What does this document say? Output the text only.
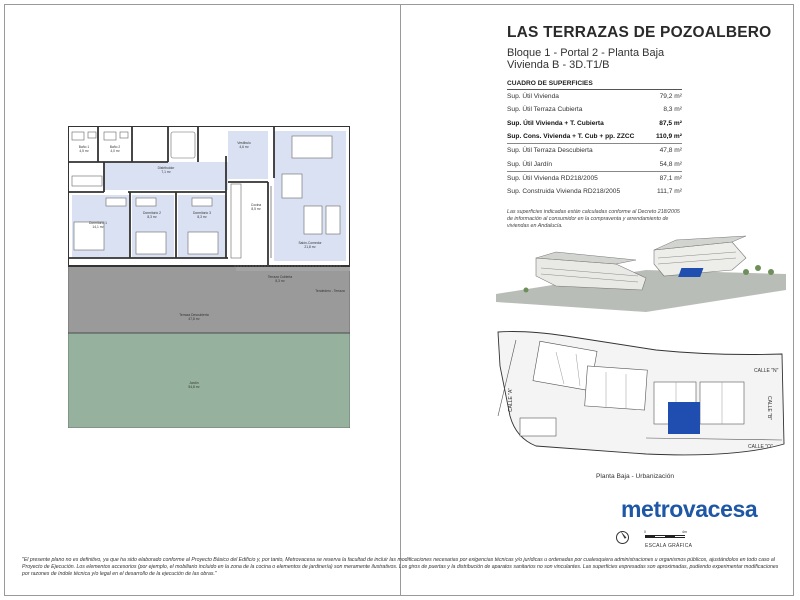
Baño 1
4,5 m²
Baño 2
4,0 m²
Distribuidor
7,1 m²
Vestíbulo
4,6 m²
Cocina
8,5 m²
Dormitorio 1
14,1 m²
Dormitorio 2
8,3 m²
Dormitorio 3
8,3 m²
Salón-Comedor
21,8 m²
Terraza Cubierta
8,3 m²
Tendedero - Terraza
Terraza Descubierta
47,8 m²
Jardín
54,8 m²
LAS TERRAZAS DE POZOALBERO
Bloque 1 - Portal 2 - Planta Baja
Vivienda B - 3D.T1/B
CUADRO DE SUPERFICIES
Sup. Útil Vivienda	79,2 m²
Sup. Útil Terraza Cubierta	8,3 m²
Sup. Útil Vivienda + T. Cubierta	87,5 m²
Sup. Cons. Vivienda + T. Cub + pp. ZZCC	110,9 m²
Sup. Útil Terraza Descubierta	47,8 m²
Sup. Útil Jardín	54,8 m²
Sup. Útil Vivienda RD218/2005	87,1 m²
Sup. Construida Vivienda RD218/2005	111,7 m²
Las superficies indicadas están calculadas conforme al Decreto 218/2005 de información al consumidor en la compraventa y arrendamiento de viviendas en Andalucía.
CALLE "N"
CALLE "A"
CALLE "O"
CALLE "B"
Planta Baja - Urbanización
metrovacesa
0	4m
ESCALA GRÁFICA
"El presente plano no es definitivo, ya que ha sido elaborado conforme al Proyecto Básico del Edificio y, por tanto, Metrovacesa se reserva la facultad de incluir las modificaciones necesarias por exigencias técnicas y/o jurídicas u ordenadas por cualesquiera administraciones u organismos públicos, ajustándolos en todo caso al Proyecto de Ejecución. Los elementos accesorios (por ejemplo, el mobiliario incluido en la zona de la cocina o elementos de jardinería) son meramente ilustrativos. Los giros de puertas y la distribución de aparatos sanitarios no son vinculantes. Las superficies expresadas son aproximadas, pudiendo experimentar modificaciones por razones de índole técnica y/o legal en el desarrollo de la ejecución de las obras."
